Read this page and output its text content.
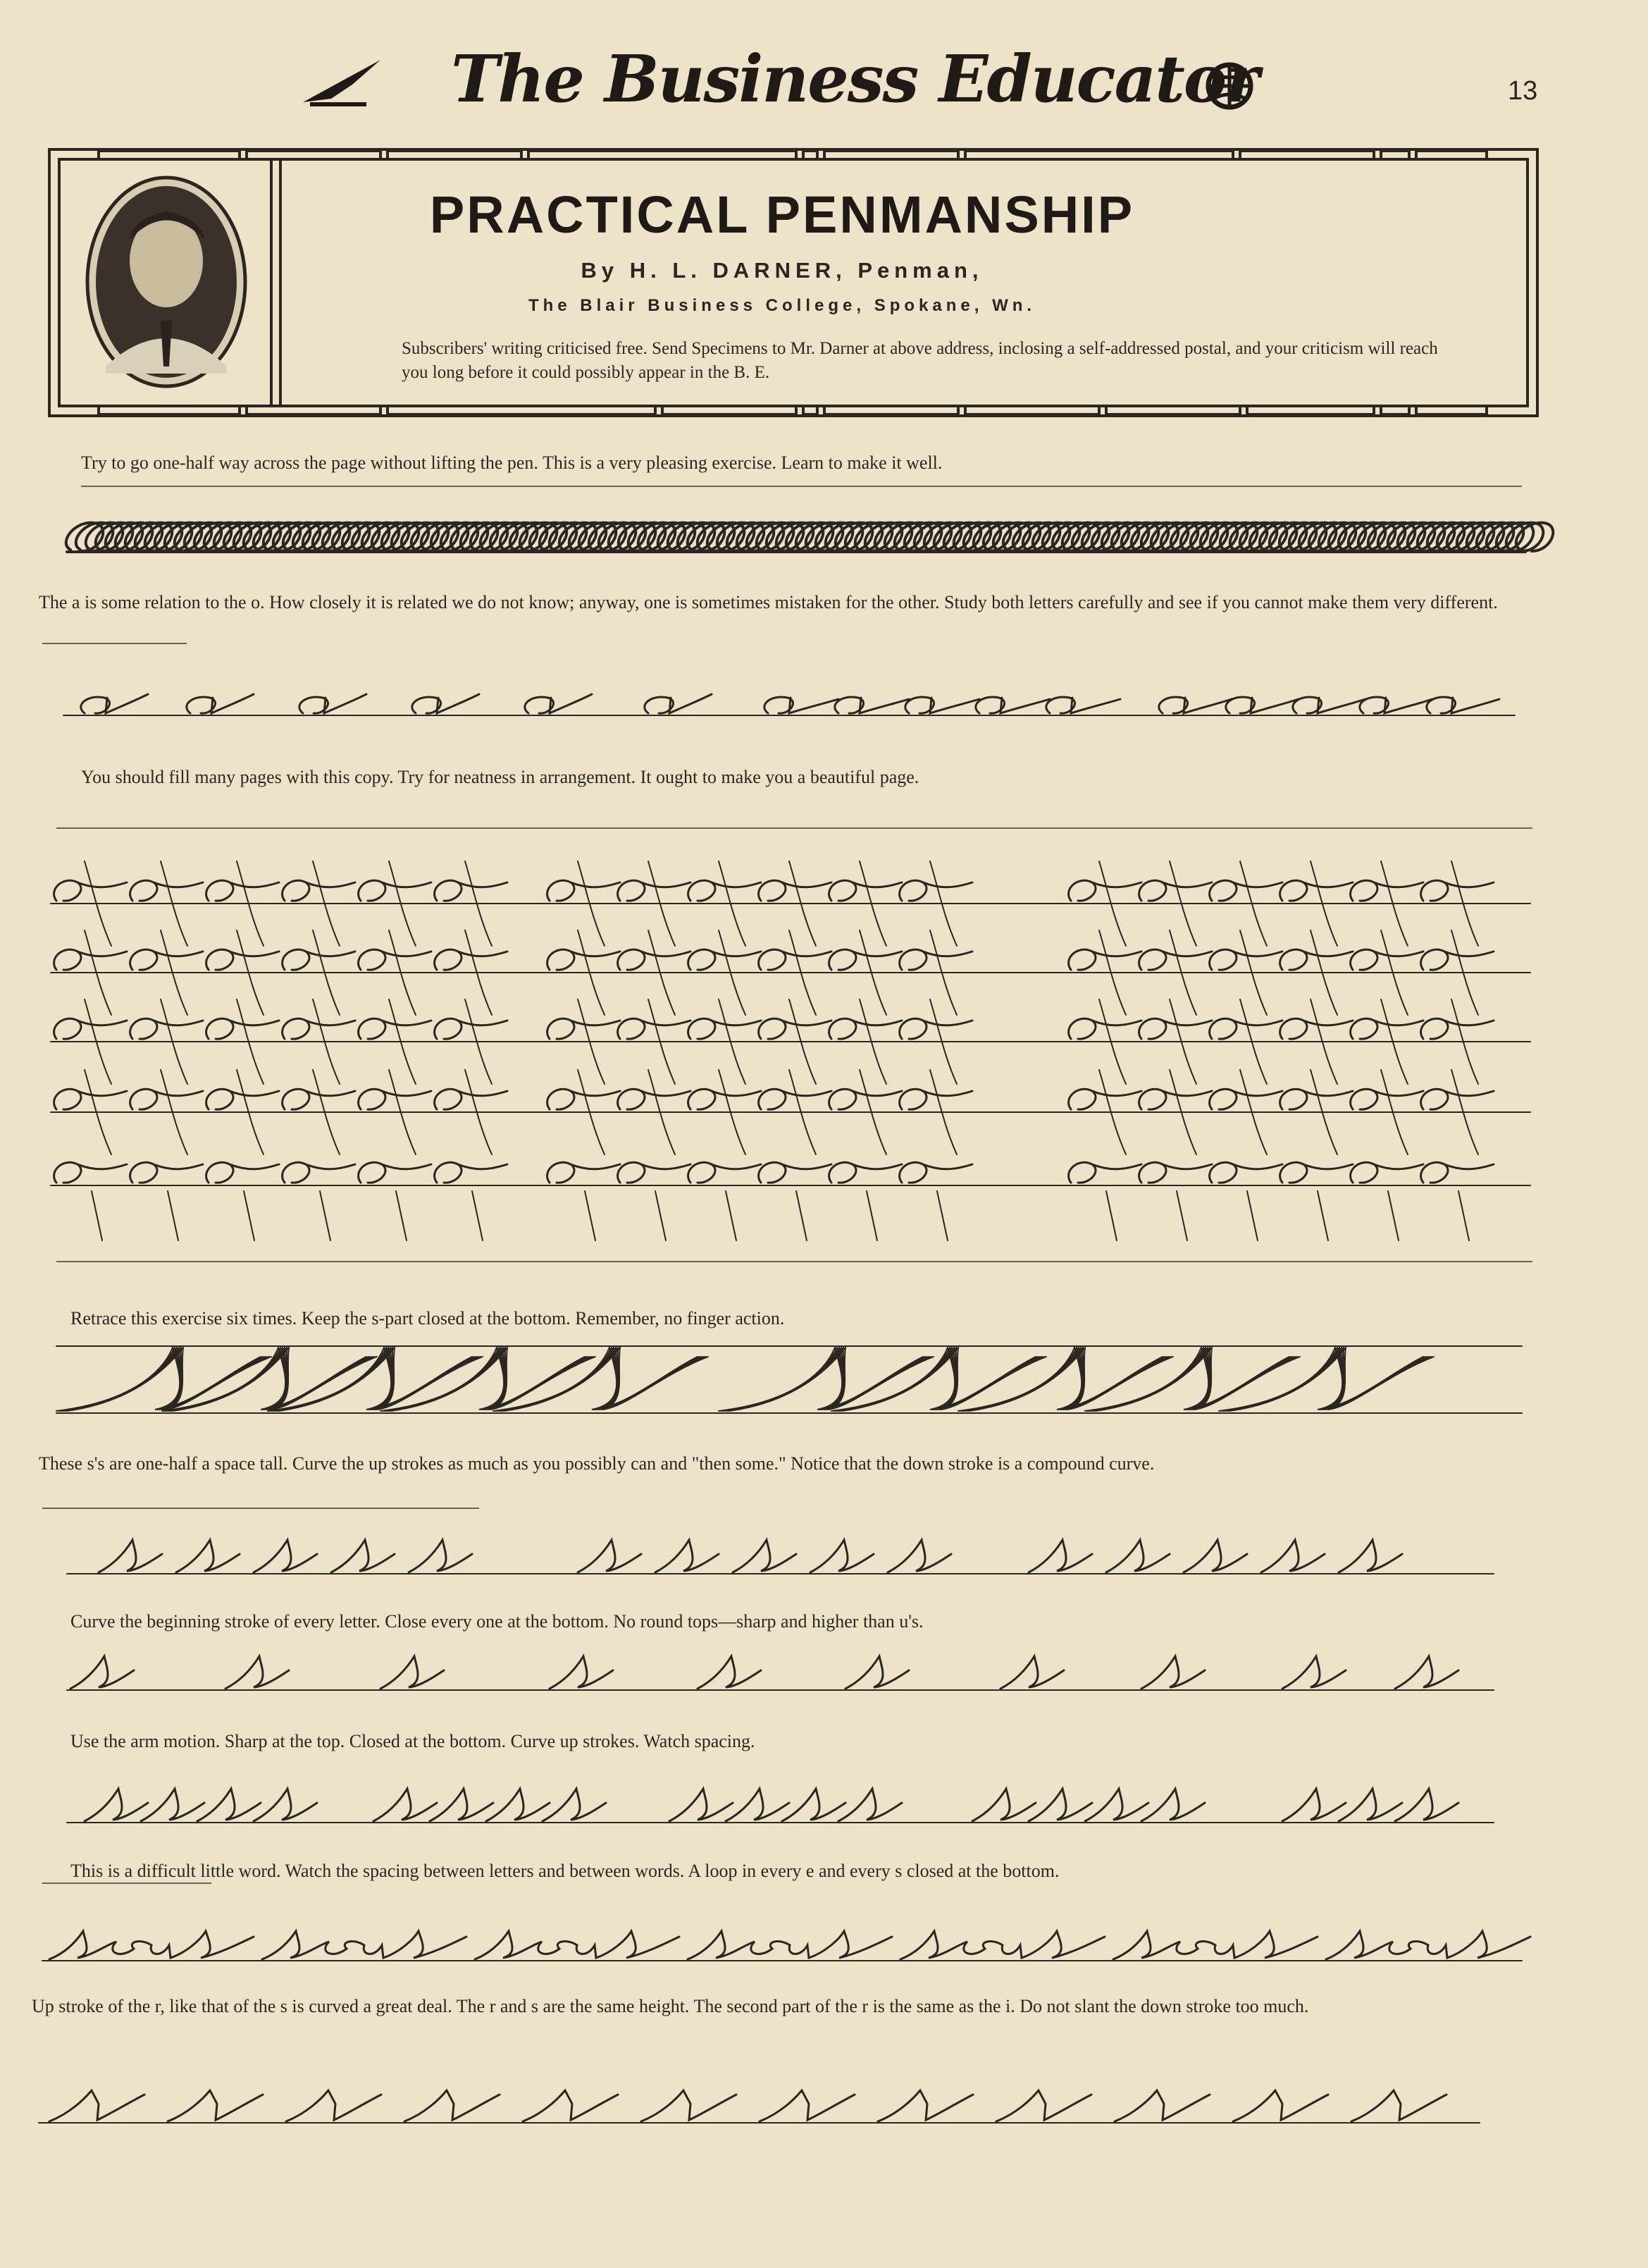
The Business Educator	13
PRACTICAL PENMANSHIP
By H. L. DARNER, Penman,
The Blair Business College, Spokane, Wn.
Subscribers' writing criticised free. Send Specimens to Mr. Darner at above address, inclosing a self-addressed postal, and your criticism will reach you long before it could possibly appear in the B. E.
Try to go one-half way across the page without lifting the pen. This is a very pleasing exercise. Learn to make it well.
The a is some relation to the o. How closely it is related we do not know; anyway, one is sometimes mistaken for the other. Study both letters carefully and see if you cannot make them very different.
You should fill many pages with this copy. Try for neatness in arrangement. It ought to make you a beautiful page.
Retrace this exercise six times. Keep the s-part closed at the bottom. Remember, no finger action.
These s's are one-half a space tall. Curve the up strokes as much as you possibly can and "then some." Notice that the down stroke is a compound curve.
Curve the beginning stroke of every letter. Close every one at the bottom. No round tops—sharp and higher than u's.
Use the arm motion. Sharp at the top. Closed at the bottom. Curve up strokes. Watch spacing.
This is a difficult little word. Watch the spacing between letters and between words. A loop in every e and every s closed at the bottom.
Up stroke of the r, like that of the s is curved a great deal. The r and s are the same height. The second part of the r is the same as the i. Do not slant the down stroke too much.
